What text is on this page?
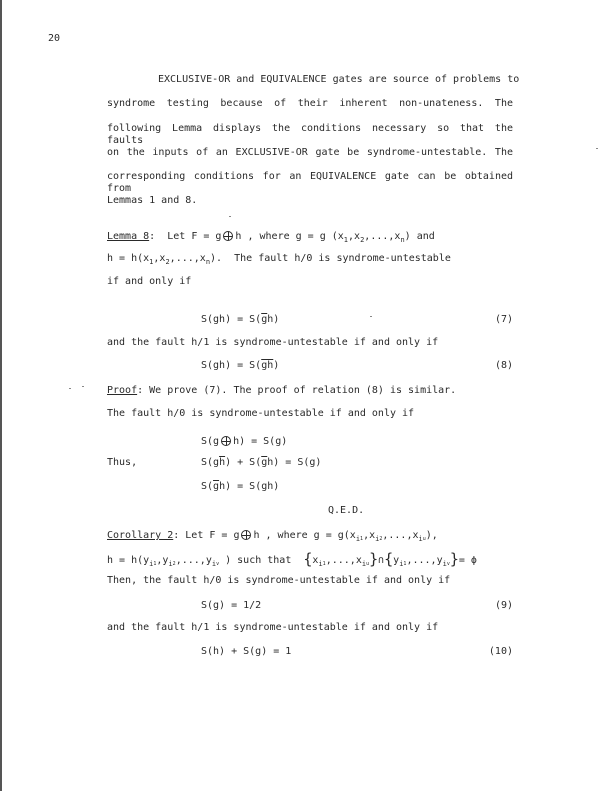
20
EXCLUSIVE-OR and EQUIVALENCE gates are source of problems to
syndrome testing because of their inherent non-unateness. The
following Lemma displays the conditions necessary so that the faults
on the inputs of an EXCLUSIVE-OR gate be syndrome-untestable. The
corresponding conditions for an EQUIVALENCE gate can be obtained from
Lemmas 1 and 8.
Lemma 8: Let F = g h , where g = g $(x_1,x_2,...,x_n)$ and
$h = h(x_1,x_2,...,x_n)$. The fault h/0 is syndrome-untestable
if and only if
$S(gh) = S(\overline{g}h)$	(7)
and the fault h/1 is syndrome-untestable if and only if
$S(gh) = S(\overline{gh})$	(8)
Proof: We prove (7). The proof of relation (8) is similar.
The fault h/0 is syndrome-untestable if and only if
S(g h) = S(g)
Thus,	$S(g\overline{h}) + S(\overline{g}h) = S(g)$
$S(\overline{g}h) = S(gh)$
Q.E.D.
Corollary 2: Let F = g h , where $g = g(x_{i1},x_{i2},...,x_{iu})$,
$h = h(y_{i1},y_{i2},...,y_{iv}$ ) such that $\{x_{i1},...,x_{iu}\}\cap\{y_{i1},...,y_{iv}\}= \phi$
Then, the fault h/0 is syndrome-untestable if and only if
S(g) = 1/2	(9)
and the fault h/1 is syndrome-untestable if and only if
S(h) + S(g) = 1	(10)
